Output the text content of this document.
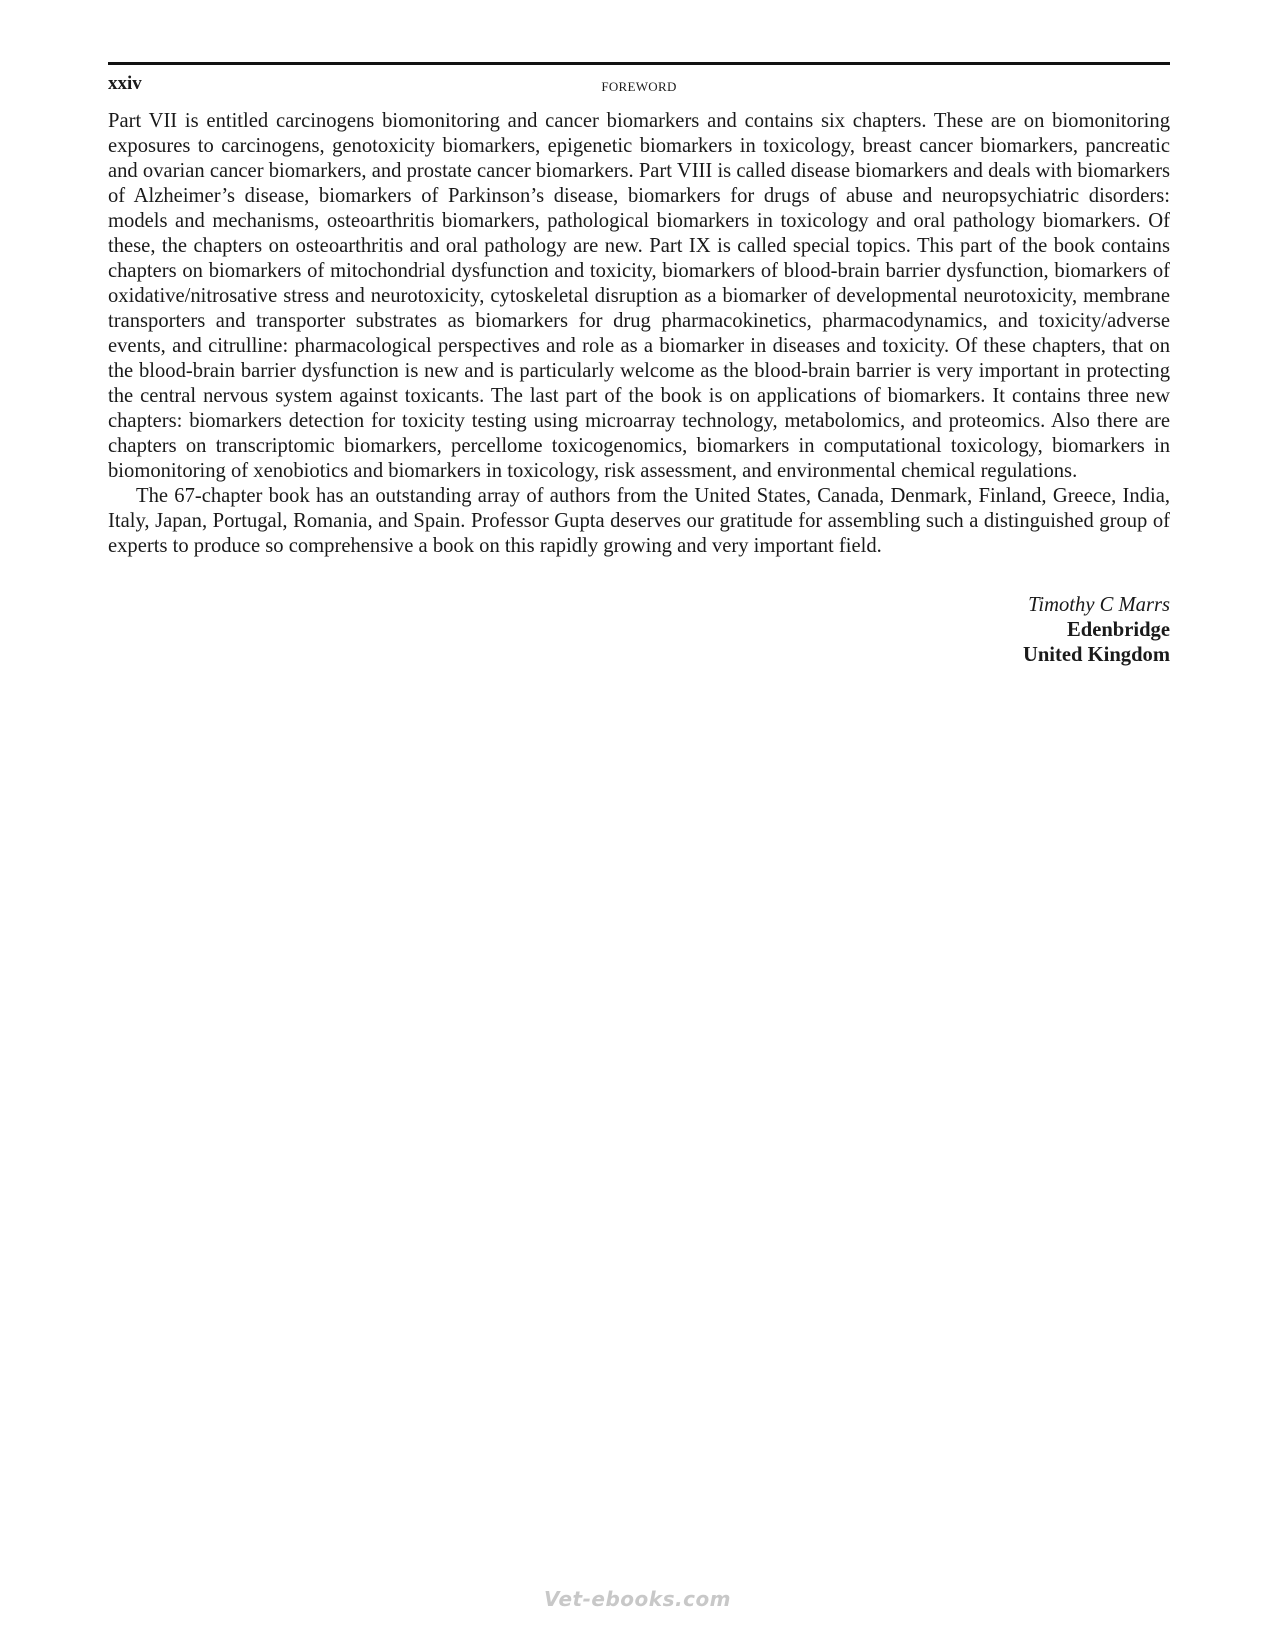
xxiv	FOREWORD

Part VII is entitled carcinogens biomonitoring and cancer biomarkers and contains six chapters. These are on biomonitoring exposures to carcinogens, genotoxicity biomarkers, epigenetic biomarkers in toxicology, breast cancer biomarkers, pancreatic and ovarian cancer biomarkers, and prostate cancer biomarkers. Part VIII is called disease biomarkers and deals with biomarkers of Alzheimer’s disease, biomarkers of Parkinson’s disease, biomarkers for drugs of abuse and neuropsychiatric disorders: models and mechanisms, osteoarthritis biomarkers, pathological biomarkers in toxicology and oral pathology biomarkers. Of these, the chapters on osteoarthritis and oral pathology are new. Part IX is called special topics. This part of the book contains chapters on biomarkers of mitochondrial dysfunction and toxicity, biomarkers of blood-brain barrier dysfunction, biomarkers of oxidative/​nitrosative stress and neurotoxicity, cytoskeletal disruption as a biomarker of developmental neurotoxicity, membrane transporters and transporter substrates as biomarkers for drug pharmacokinetics, pharmacodynamics, and toxicity/adverse events, and citrulline: pharmacological perspectives and role as a biomarker in diseases and toxicity. Of these chapters, that on the blood-brain barrier dysfunction is new and is particularly welcome as the blood-brain barrier is very important in protecting the central nervous system against toxicants. The last part of the book is on applications of biomarkers. It contains three new chapters: biomarkers detection for toxicity testing using microarray technology, metabolomics, and proteomics. Also there are chapters on transcriptomic biomarkers, percellome toxicogenomics, biomarkers in computational toxicology, biomarkers in biomonitoring of xenobiotics and biomarkers in toxicology, risk assessment, and environmental chemical regulations.

The 67-chapter book has an outstanding array of authors from the United States, Canada, Denmark, Finland, Greece, India, Italy, Japan, Portugal, Romania, and Spain. Professor Gupta deserves our gratitude for assembling such a distinguished group of experts to produce so comprehensive a book on this rapidly growing and very important field.

Timothy C Marrs
Edenbridge
United Kingdom
Vet-ebooks.com
